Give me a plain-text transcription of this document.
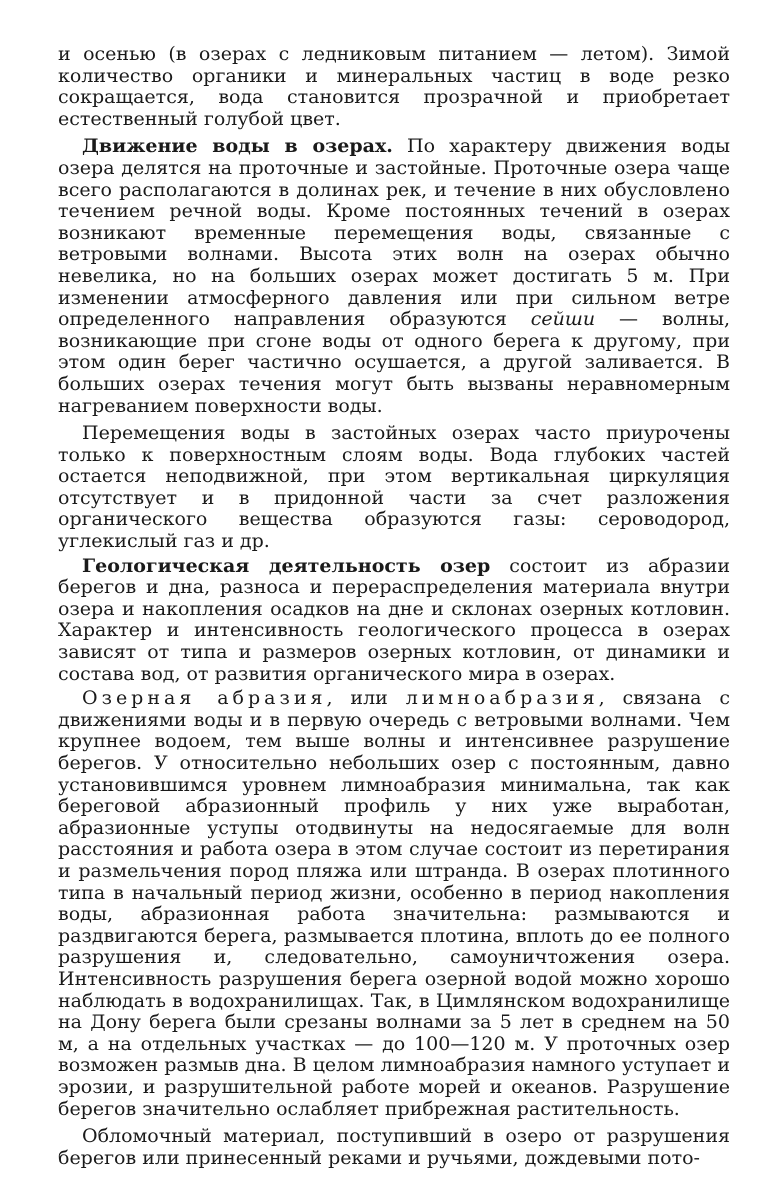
и осенью (в озерах с ледниковым питанием — летом). Зимой количество органики и минеральных частиц в воде резко сокращается, вода становится прозрачной и приобретает естественный голубой цвет.

Движение воды в озерах. По характеру движения воды озера делятся на проточные и застойные. Проточные озера чаще всего располагаются в долинах рек, и течение в них обусловлено течением речной воды. Кроме постоянных течений в озерах возникают временные перемещения воды, связанные с ветровыми волнами. Высота этих волн на озерах обычно невелика, но на больших озерах может достигать 5 м. При изменении атмосферного давления или при сильном ветре определенного направления образуются сейши — волны, возникающие при сгоне воды от одного берега к другому, при этом один берег частично осушается, а другой заливается. В больших озерах течения могут быть вызваны неравномерным нагреванием поверхности воды.

Перемещения воды в застойных озерах часто приурочены только к поверхностным слоям воды. Вода глубоких частей остается неподвижной, при этом вертикальная циркуляция отсутствует и в придонной части за счет разложения органического вещества образуются газы: сероводород, углекислый газ и др.

Геологическая деятельность озер состоит из абразии берегов и дна, разноса и перераспределения материала внутри озера и накопления осадков на дне и склонах озерных котловин. Характер и интенсивность геологического процесса в озерах зависят от типа и размеров озерных котловин, от динамики и состава вод, от развития органического мира в озерах.

Озерная абразия, или лимноабразия, связана с движениями воды и в первую очередь с ветровыми волнами. Чем крупнее водоем, тем выше волны и интенсивнее разрушение берегов. У относительно небольших озер с постоянным, давно установившимся уровнем лимноабразия минимальна, так как береговой абразионный профиль у них уже выработан, абразионные уступы отодвинуты на недосягаемые для волн расстояния и работа озера в этом случае состоит из перетирания и размельчения пород пляжа или штранда. В озерах плотинного типа в начальный период жизни, особенно в период накопления воды, абразионная работа значительна: размываются и раздвигаются берега, размывается плотина, вплоть до ее полного разрушения и, следовательно, самоуничтожения озера. Интенсивность разрушения берега озерной водой можно хорошо наблюдать в водохранилищах. Так, в Цимлянском водохранилище на Дону берега были срезаны волнами за 5 лет в среднем на 50 м, а на отдельных участках — до 100—120 м. У проточных озер возможен размыв дна. В целом лимноабразия намного уступает и эрозии, и разрушительной работе морей и океанов. Разрушение берегов значительно ослабляет прибрежная растительность.

Обломочный материал, поступивший в озеро от разрушения берегов или принесенный реками и ручьями, дождевыми пото-
